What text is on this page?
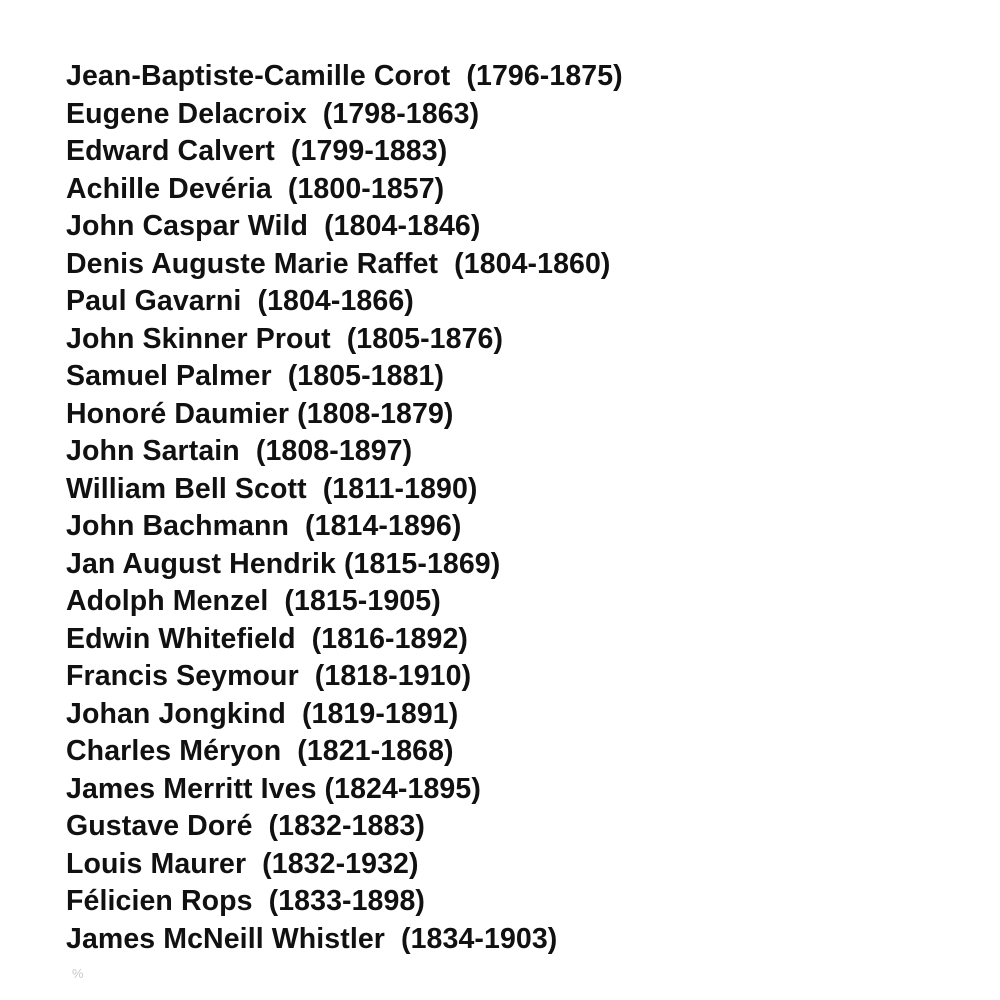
Jean-Baptiste-Camille Corot  (1796-1875)
Eugene Delacroix  (1798-1863)
Edward Calvert  (1799-1883)
Achille Devéria  (1800-1857)
John Caspar Wild  (1804-1846)
Denis Auguste Marie Raffet  (1804-1860)
Paul Gavarni  (1804-1866)
John Skinner Prout  (1805-1876)
Samuel Palmer  (1805-1881)
Honoré Daumier (1808-1879)
John Sartain  (1808-1897)
William Bell Scott  (1811-1890)
John Bachmann  (1814-1896)
Jan August Hendrik (1815-1869)
Adolph Menzel  (1815-1905)
Edwin Whitefield  (1816-1892)
Francis Seymour  (1818-1910)
Johan Jongkind  (1819-1891)
Charles Méryon  (1821-1868)
James Merritt Ives (1824-1895)
Gustave Doré  (1832-1883)
Louis Maurer  (1832-1932)
Félicien Rops  (1833-1898)
James McNeill Whistler  (1834-1903)
%
